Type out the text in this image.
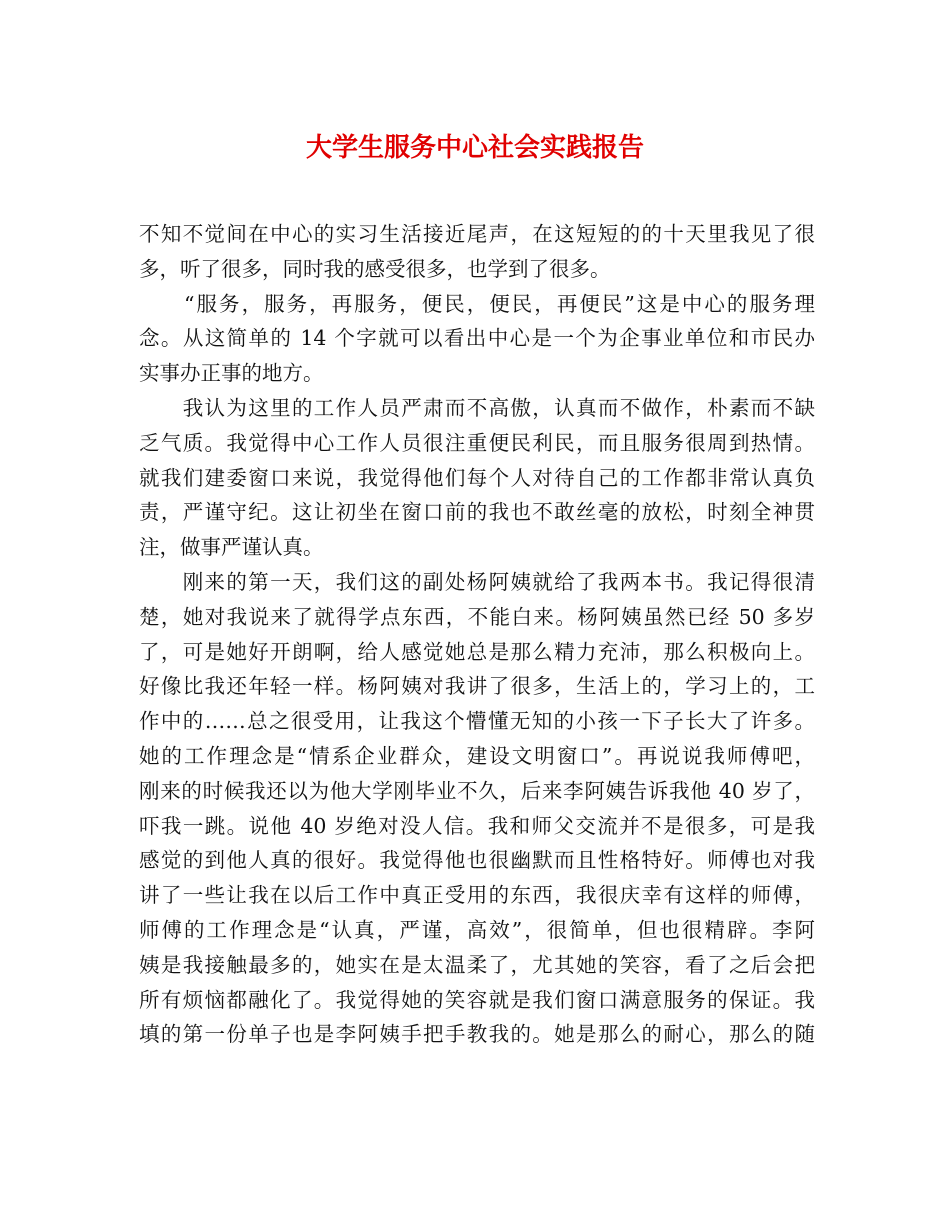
大学生服务中心社会实践报告
不知不觉间在中心的实习生活接近尾声，在这短短的的十天里我见了很
多，听了很多，同时我的感受很多，也学到了很多。
　　“服务，服务，再服务，便民，便民，再便民”这是中心的服务理
念。从这简单的 14 个字就可以看出中心是一个为企事业单位和市民办
实事办正事的地方。
　　我认为这里的工作人员严肃而不高傲，认真而不做作，朴素而不缺
乏气质。我觉得中心工作人员很注重便民利民，而且服务很周到热情。
就我们建委窗口来说，我觉得他们每个人对待自己的工作都非常认真负
责，严谨守纪。这让初坐在窗口前的我也不敢丝毫的放松，时刻全神贯
注，做事严谨认真。
　　刚来的第一天，我们这的副处杨阿姨就给了我两本书。我记得很清
楚，她对我说来了就得学点东西，不能白来。杨阿姨虽然已经 50 多岁
了，可是她好开朗啊，给人感觉她总是那么精力充沛，那么积极向上。
好像比我还年轻一样。杨阿姨对我讲了很多，生活上的，学习上的，工
作中的……总之很受用，让我这个懵懂无知的小孩一下子长大了许多。
她的工作理念是“情系企业群众，建设文明窗口”。再说说我师傅吧，
刚来的时候我还以为他大学刚毕业不久，后来李阿姨告诉我他 40 岁了，
吓我一跳。说他 40 岁绝对没人信。我和师父交流并不是很多，可是我
感觉的到他人真的很好。我觉得他也很幽默而且性格特好。师傅也对我
讲了一些让我在以后工作中真正受用的东西，我很庆幸有这样的师傅，
师傅的工作理念是“认真，严谨，高效”，很简单，但也很精辟。李阿
姨是我接触最多的，她实在是太温柔了，尤其她的笑容，看了之后会把
所有烦恼都融化了。我觉得她的笑容就是我们窗口满意服务的保证。我
填的第一份单子也是李阿姨手把手教我的。她是那么的耐心，那么的随
